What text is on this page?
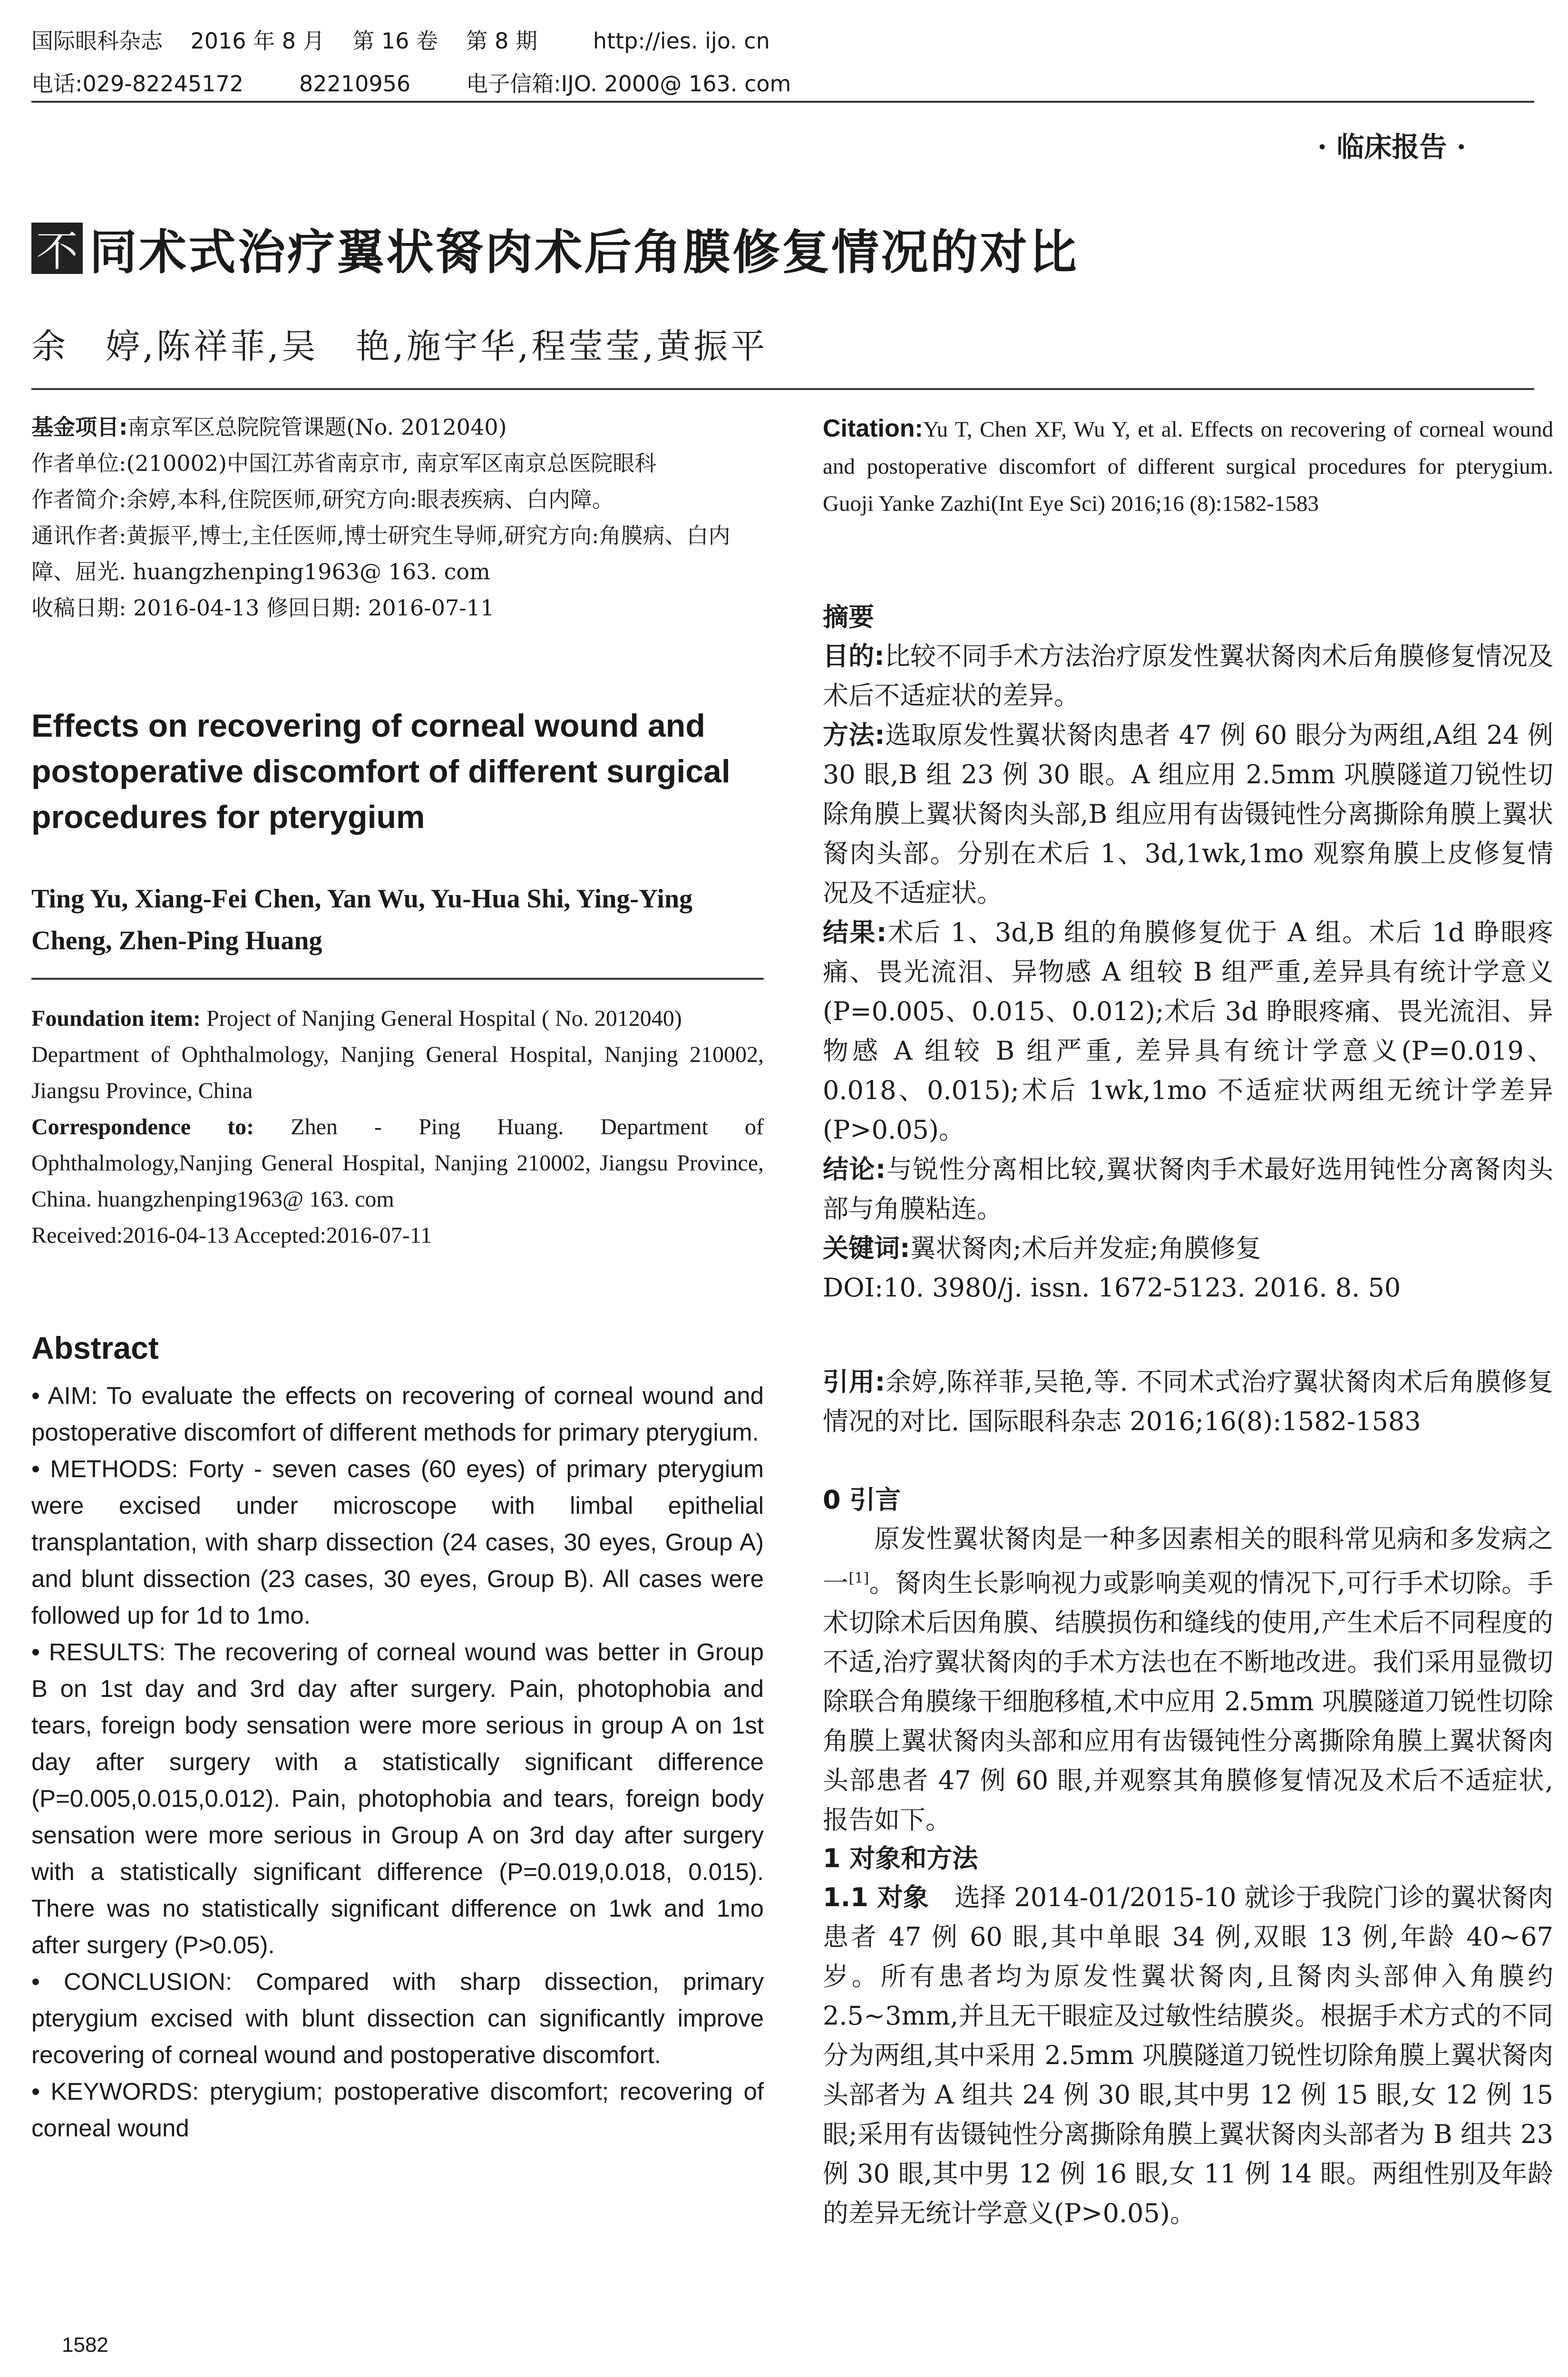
国际眼科杂志    2016 年 8 月    第 16 卷    第 8 期        http://ies. ijo. cn
电话:029-82245172        82210956        电子信箱:IJO. 2000@ 163. com
· 临床报告 ·
不 同术式治疗翼状胬肉术后角膜修复情况的对比
余　婷,陈祥菲,吴　艳,施宇华,程莹莹,黄振平

基金项目:南京军区总院院管课题(No. 2012040)

作者单位:(210002)中国江苏省南京市, 南京军区南京总医院眼科

作者简介:余婷,本科,住院医师,研究方向:眼表疾病、白内障。

通讯作者:黄振平,博士,主任医师,博士研究生导师,研究方向:角膜病、白内障、屈光. huangzhenping1963@ 163. com

收稿日期: 2016-04-13 修回日期: 2016-07-11

Effects on recovering of corneal wound and postoperative discomfort of different surgical procedures for pterygium
Ting Yu, Xiang-Fei Chen, Yan Wu, Yu-Hua Shi, Ying-Ying Cheng, Zhen-Ping Huang

Foundation item: Project of Nanjing General Hospital ( No. 2012040)

Department of Ophthalmology, Nanjing General Hospital, Nanjing 210002, Jiangsu Province, China

Correspondence to: Zhen - Ping Huang. Department of Ophthalmology,Nanjing General Hospital, Nanjing 210002, Jiangsu Province, China. huangzhenping1963@ 163. com

Received:2016-04-13 Accepted:2016-07-11

Abstract

• AIM: To evaluate the effects on recovering of corneal wound and postoperative discomfort of different methods for primary pterygium.

• METHODS: Forty - seven cases (60 eyes) of primary pterygium were excised under microscope with limbal epithelial transplantation, with sharp dissection (24 cases, 30 eyes, Group A) and blunt dissection (23 cases, 30 eyes, Group B). All cases were followed up for 1d to 1mo.

• RESULTS: The recovering of corneal wound was better in Group B on 1st day and 3rd day after surgery. Pain, photophobia and tears, foreign body sensation were more serious in group A on 1st day after surgery with a statistically significant difference (P=0.005,0.015,0.012). Pain, photophobia and tears, foreign body sensation were more serious in Group A on 3rd day after surgery with a statistically significant difference (P=0.019,0.018, 0.015). There was no statistically significant difference on 1wk and 1mo after surgery (P>0.05).

• CONCLUSION: Compared with sharp dissection, primary pterygium excised with blunt dissection can significantly improve recovering of corneal wound and postoperative discomfort.

• KEYWORDS: pterygium; postoperative discomfort; recovering of corneal wound

1582

Citation:Yu T, Chen XF, Wu Y, et al. Effects on recovering of corneal wound and postoperative discomfort of different surgical procedures for pterygium. Guoji Yanke Zazhi(Int Eye Sci) 2016;16 (8):1582-1583

摘要

目的:比较不同手术方法治疗原发性翼状胬肉术后角膜修复情况及术后不适症状的差异。

方法:选取原发性翼状胬肉患者 47 例 60 眼分为两组,A组 24 例 30 眼,B 组 23 例 30 眼。A 组应用 2.5mm 巩膜隧道刀锐性切除角膜上翼状胬肉头部,B 组应用有齿镊钝性分离撕除角膜上翼状胬肉头部。分别在术后 1、3d,1wk,1mo 观察角膜上皮修复情况及不适症状。

结果:术后 1、3d,B 组的角膜修复优于 A 组。术后 1d 睁眼疼痛、畏光流泪、异物感 A 组较 B 组严重,差异具有统计学意义(P=0.005、0.015、0.012);术后 3d 睁眼疼痛、畏光流泪、异物感 A 组较 B 组严重, 差异具有统计学意义(P=0.019、0.018、0.015);术后 1wk,1mo 不适症状两组无统计学差异(P>0.05)。

结论:与锐性分离相比较,翼状胬肉手术最好选用钝性分离胬肉头部与角膜粘连。

关键词:翼状胬肉;术后并发症;角膜修复

DOI:10. 3980/j. issn. 1672-5123. 2016. 8. 50

引用:余婷,陈祥菲,吴艳,等. 不同术式治疗翼状胬肉术后角膜修复情况的对比. 国际眼科杂志 2016;16(8):1582-1583

0 引言

原发性翼状胬肉是一种多因素相关的眼科常见病和多发病之一[1]。胬肉生长影响视力或影响美观的情况下,可行手术切除。手术切除术后因角膜、结膜损伤和缝线的使用,产生术后不同程度的不适,治疗翼状胬肉的手术方法也在不断地改进。我们采用显微切除联合角膜缘干细胞移植,术中应用 2.5mm 巩膜隧道刀锐性切除角膜上翼状胬肉头部和应用有齿镊钝性分离撕除角膜上翼状胬肉头部患者 47 例 60 眼,并观察其角膜修复情况及术后不适症状,报告如下。

1 对象和方法

1.1 对象　选择 2014-01/2015-10 就诊于我院门诊的翼状胬肉患者 47 例 60 眼,其中单眼 34 例,双眼 13 例,年龄 40~67 岁。所有患者均为原发性翼状胬肉,且胬肉头部伸入角膜约 2.5~3mm,并且无干眼症及过敏性结膜炎。根据手术方式的不同分为两组,其中采用 2.5mm 巩膜隧道刀锐性切除角膜上翼状胬肉头部者为 A 组共 24 例 30 眼,其中男 12 例 15 眼,女 12 例 15 眼;采用有齿镊钝性分离撕除角膜上翼状胬肉头部者为 B 组共 23 例 30 眼,其中男 12 例 16 眼,女 11 例 14 眼。两组性别及年龄的差异无统计学意义(P>0.05)。
